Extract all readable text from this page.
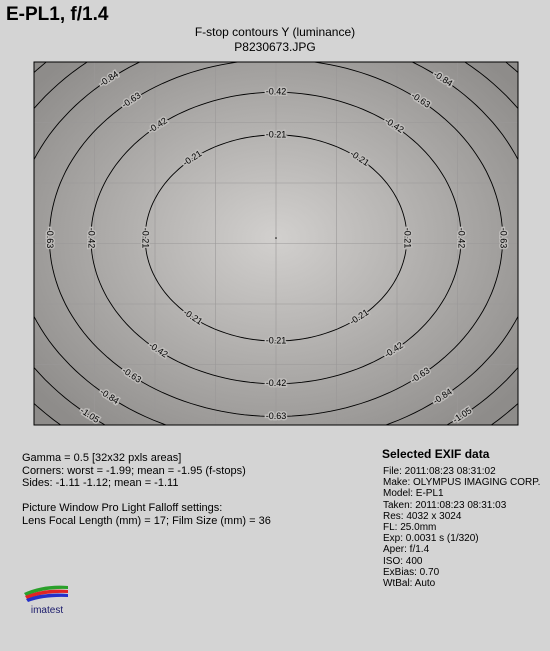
E-PL1, f/1.4
F-stop contours Y (luminance)
P8230673.JPG
-0.21
-0.21
-0.21
-0.21
-0.21	-0.21
-0.21
-0.21
-0.42
-0.42
-0.42
-0.42
-0.42	-0.42
-0.42
-0.42
-0.63
-0.63
-0.63
-0.63	-0.63
-0.63
-0.63
-0.84	-0.84
-0.84
-0.84
-1.05
-1.05
Gamma = 0.5 [32x32 pxls areas]
Corners: worst = -1.99; mean = -1.95 (f-stops)
Sides: -1.11 -1.12; mean = -1.11
Picture Window Pro Light Falloff settings:
Lens Focal Length (mm) = 17; Film Size (mm) = 36
Selected EXIF data
File: 2011:08:23 08:31:02
Make: OLYMPUS IMAGING CORP.
Model: E-PL1
Taken: 2011:08:23 08:31:03
Res: 4032 x 3024
FL: 25.0mm
Exp: 0.0031 s (1/320)
Aper: f/1.4
ISO: 400
ExBias: 0.70
WtBal: Auto
imatest
